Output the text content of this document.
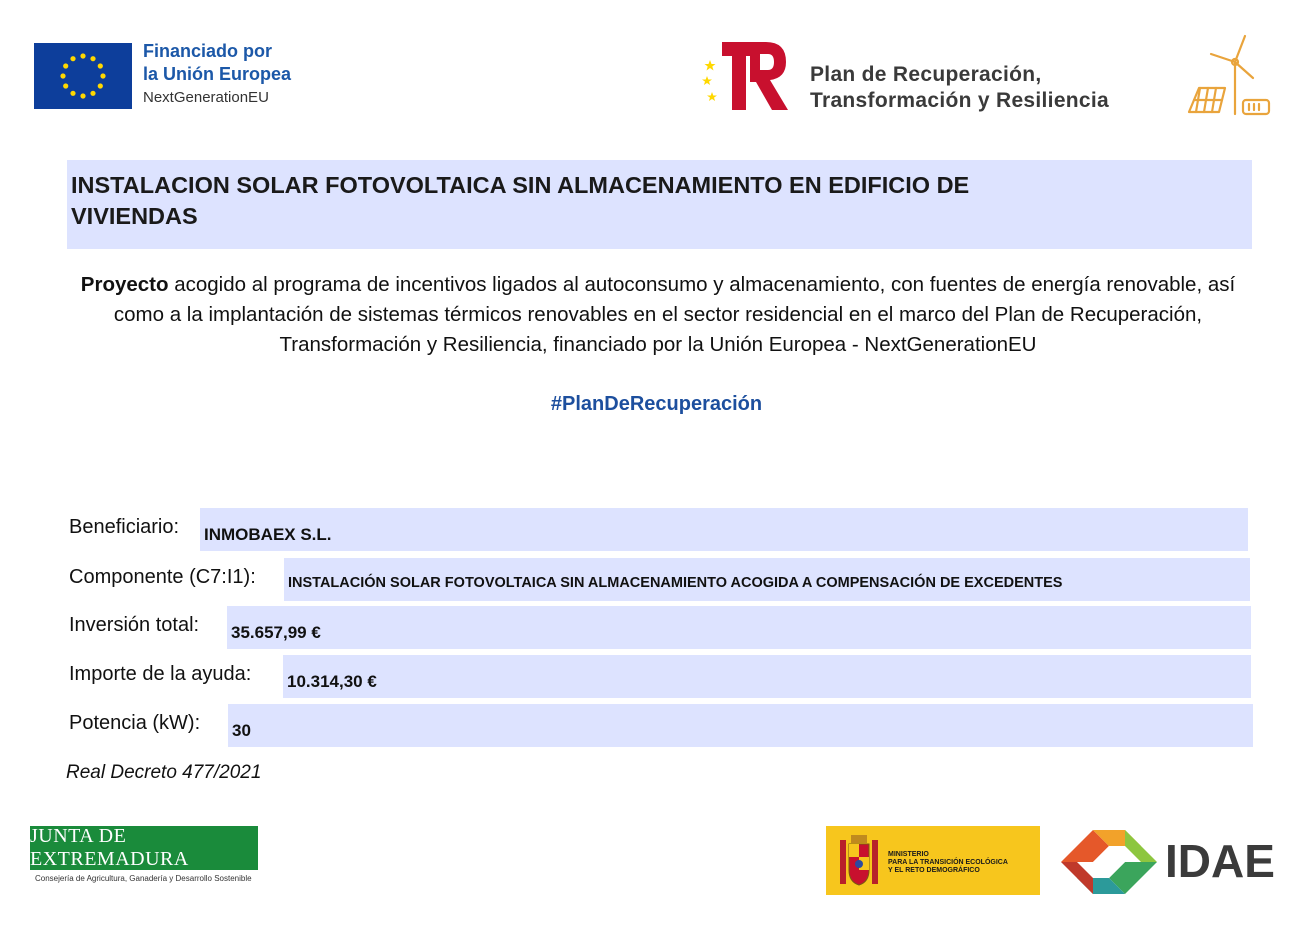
Financiado por
la Unión Europea
NextGenerationEU
Plan de Recuperación,
Transformación y Resiliencia
INSTALACION SOLAR FOTOVOLTAICA SIN ALMACENAMIENTO EN EDIFICIO DE
VIVIENDAS
Proyecto acogido al programa de incentivos ligados al autoconsumo y almacenamiento, con fuentes de energía renovable, así como a la implantación de sistemas térmicos renovables en el sector residencial en el marco del Plan de Recuperación, Transformación y Resiliencia, financiado por la Unión Europea - NextGenerationEU
#PlanDeRecuperación
Beneficiario: INMOBAEX S.L.
Componente (C7:I1): INSTALACIÓN SOLAR FOTOVOLTAICA SIN ALMACENAMIENTO ACOGIDA A COMPENSACIÓN DE EXCEDENTES
Inversión total: 35.657,99 €
Importe de la ayuda: 10.314,30 €
Potencia (kW): 30
Real Decreto 477/2021
JUNTA DE EXTREMADURA
Consejería de Agricultura, Ganadería y Desarrollo Sostenible
MINISTERIO
PARA LA TRANSICIÓN ECOLÓGICA
Y EL RETO DEMOGRÁFICO	IDAE
